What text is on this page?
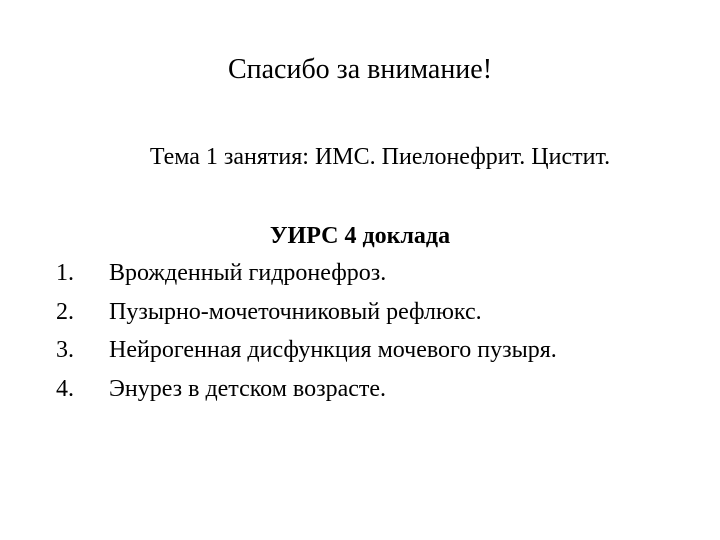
Спасибо за внимание!
Тема 1 занятия: ИМС. Пиелонефрит. Цистит.
УИРС 4 доклада
1. Врожденный гидронефроз.
2. Пузырно-мочеточниковый рефлюкс.
3. Нейрогенная дисфункция мочевого пузыря.
4. Энурез в детском возрасте.
